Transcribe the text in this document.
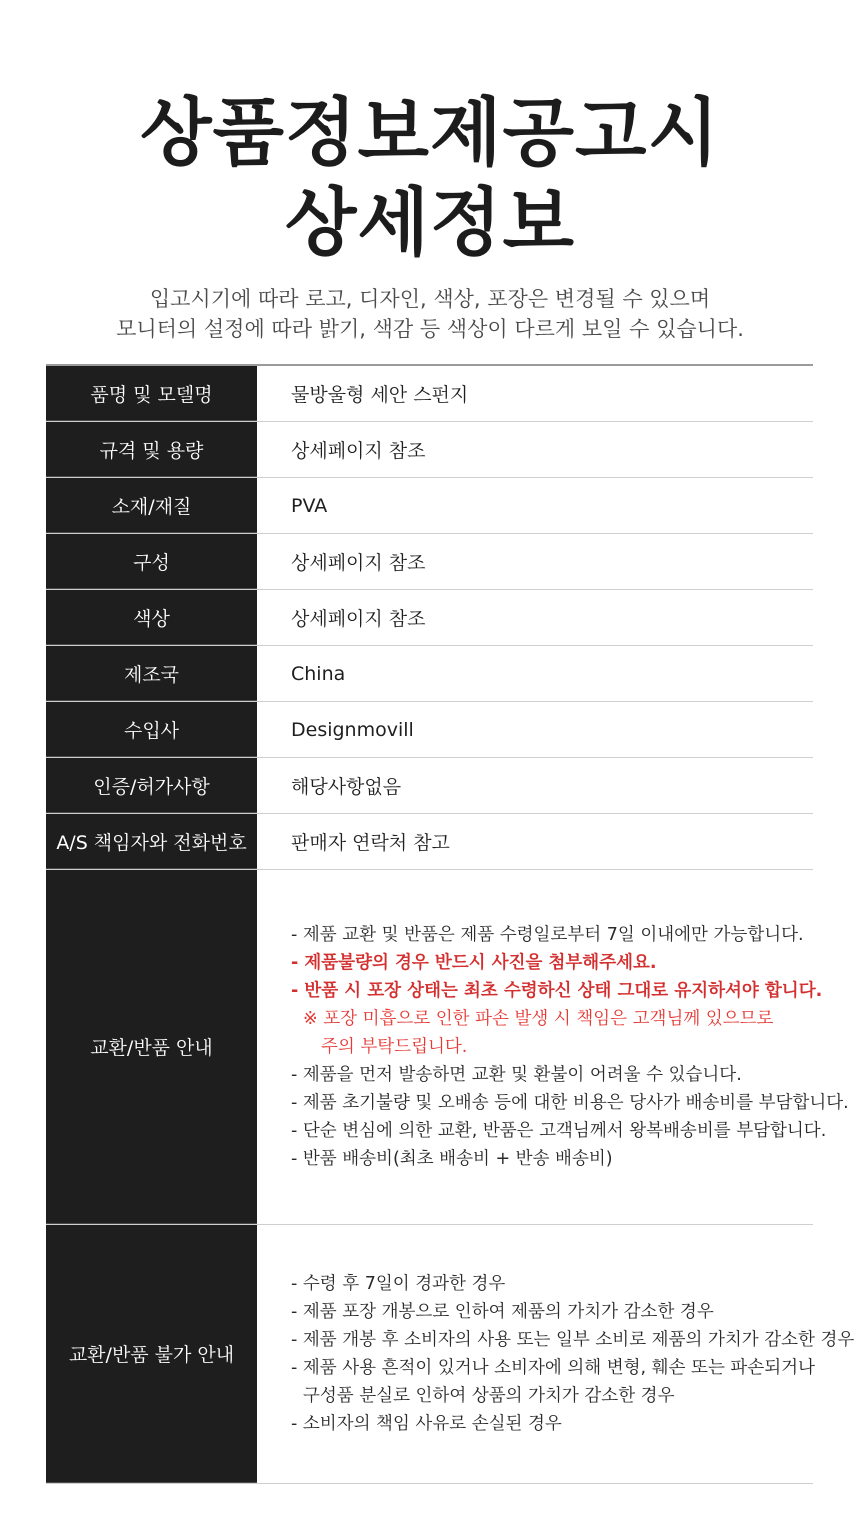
상품정보제공고시
상세정보
입고시기에 따라 로고, 디자인, 색상, 포장은 변경될 수 있으며
모니터의 설정에 따라 밝기, 색감 등 색상이 다르게 보일 수 있습니다.
품명 및 모델명	물방울형 세안 스펀지
규격 및 용량	상세페이지 참조
소재/재질	PVA
구성	상세페이지 참조
색상	상세페이지 참조
제조국	China
수입사	Designmovill
인증/허가사항	해당사항없음
A/S 책임자와 전화번호	판매자 연락처 참고
교환/반품 안내
- 제품 교환 및 반품은 제품 수령일로부터 7일 이내에만 가능합니다.
- 제품불량의 경우 반드시 사진을 첨부해주세요.
- 반품 시 포장 상태는 최초 수령하신 상태 그대로 유지하셔야 합니다.
※ 포장 미흡으로 인한 파손 발생 시 책임은 고객님께 있으므로
주의 부탁드립니다.
- 제품을 먼저 발송하면 교환 및 환불이 어려울 수 있습니다.
- 제품 초기불량 및 오배송 등에 대한 비용은 당사가 배송비를 부담합니다.
- 단순 변심에 의한 교환, 반품은 고객님께서 왕복배송비를 부담합니다.
- 반품 배송비(최초 배송비 + 반송 배송비)
교환/반품 불가 안내
- 수령 후 7일이 경과한 경우
- 제품 포장 개봉으로 인하여 제품의 가치가 감소한 경우
- 제품 개봉 후 소비자의 사용 또는 일부 소비로 제품의 가치가 감소한 경우
- 제품 사용 흔적이 있거나 소비자에 의해 변형, 훼손 또는 파손되거나
구성품 분실로 인하여 상품의 가치가 감소한 경우
- 소비자의 책임 사유로 손실된 경우
